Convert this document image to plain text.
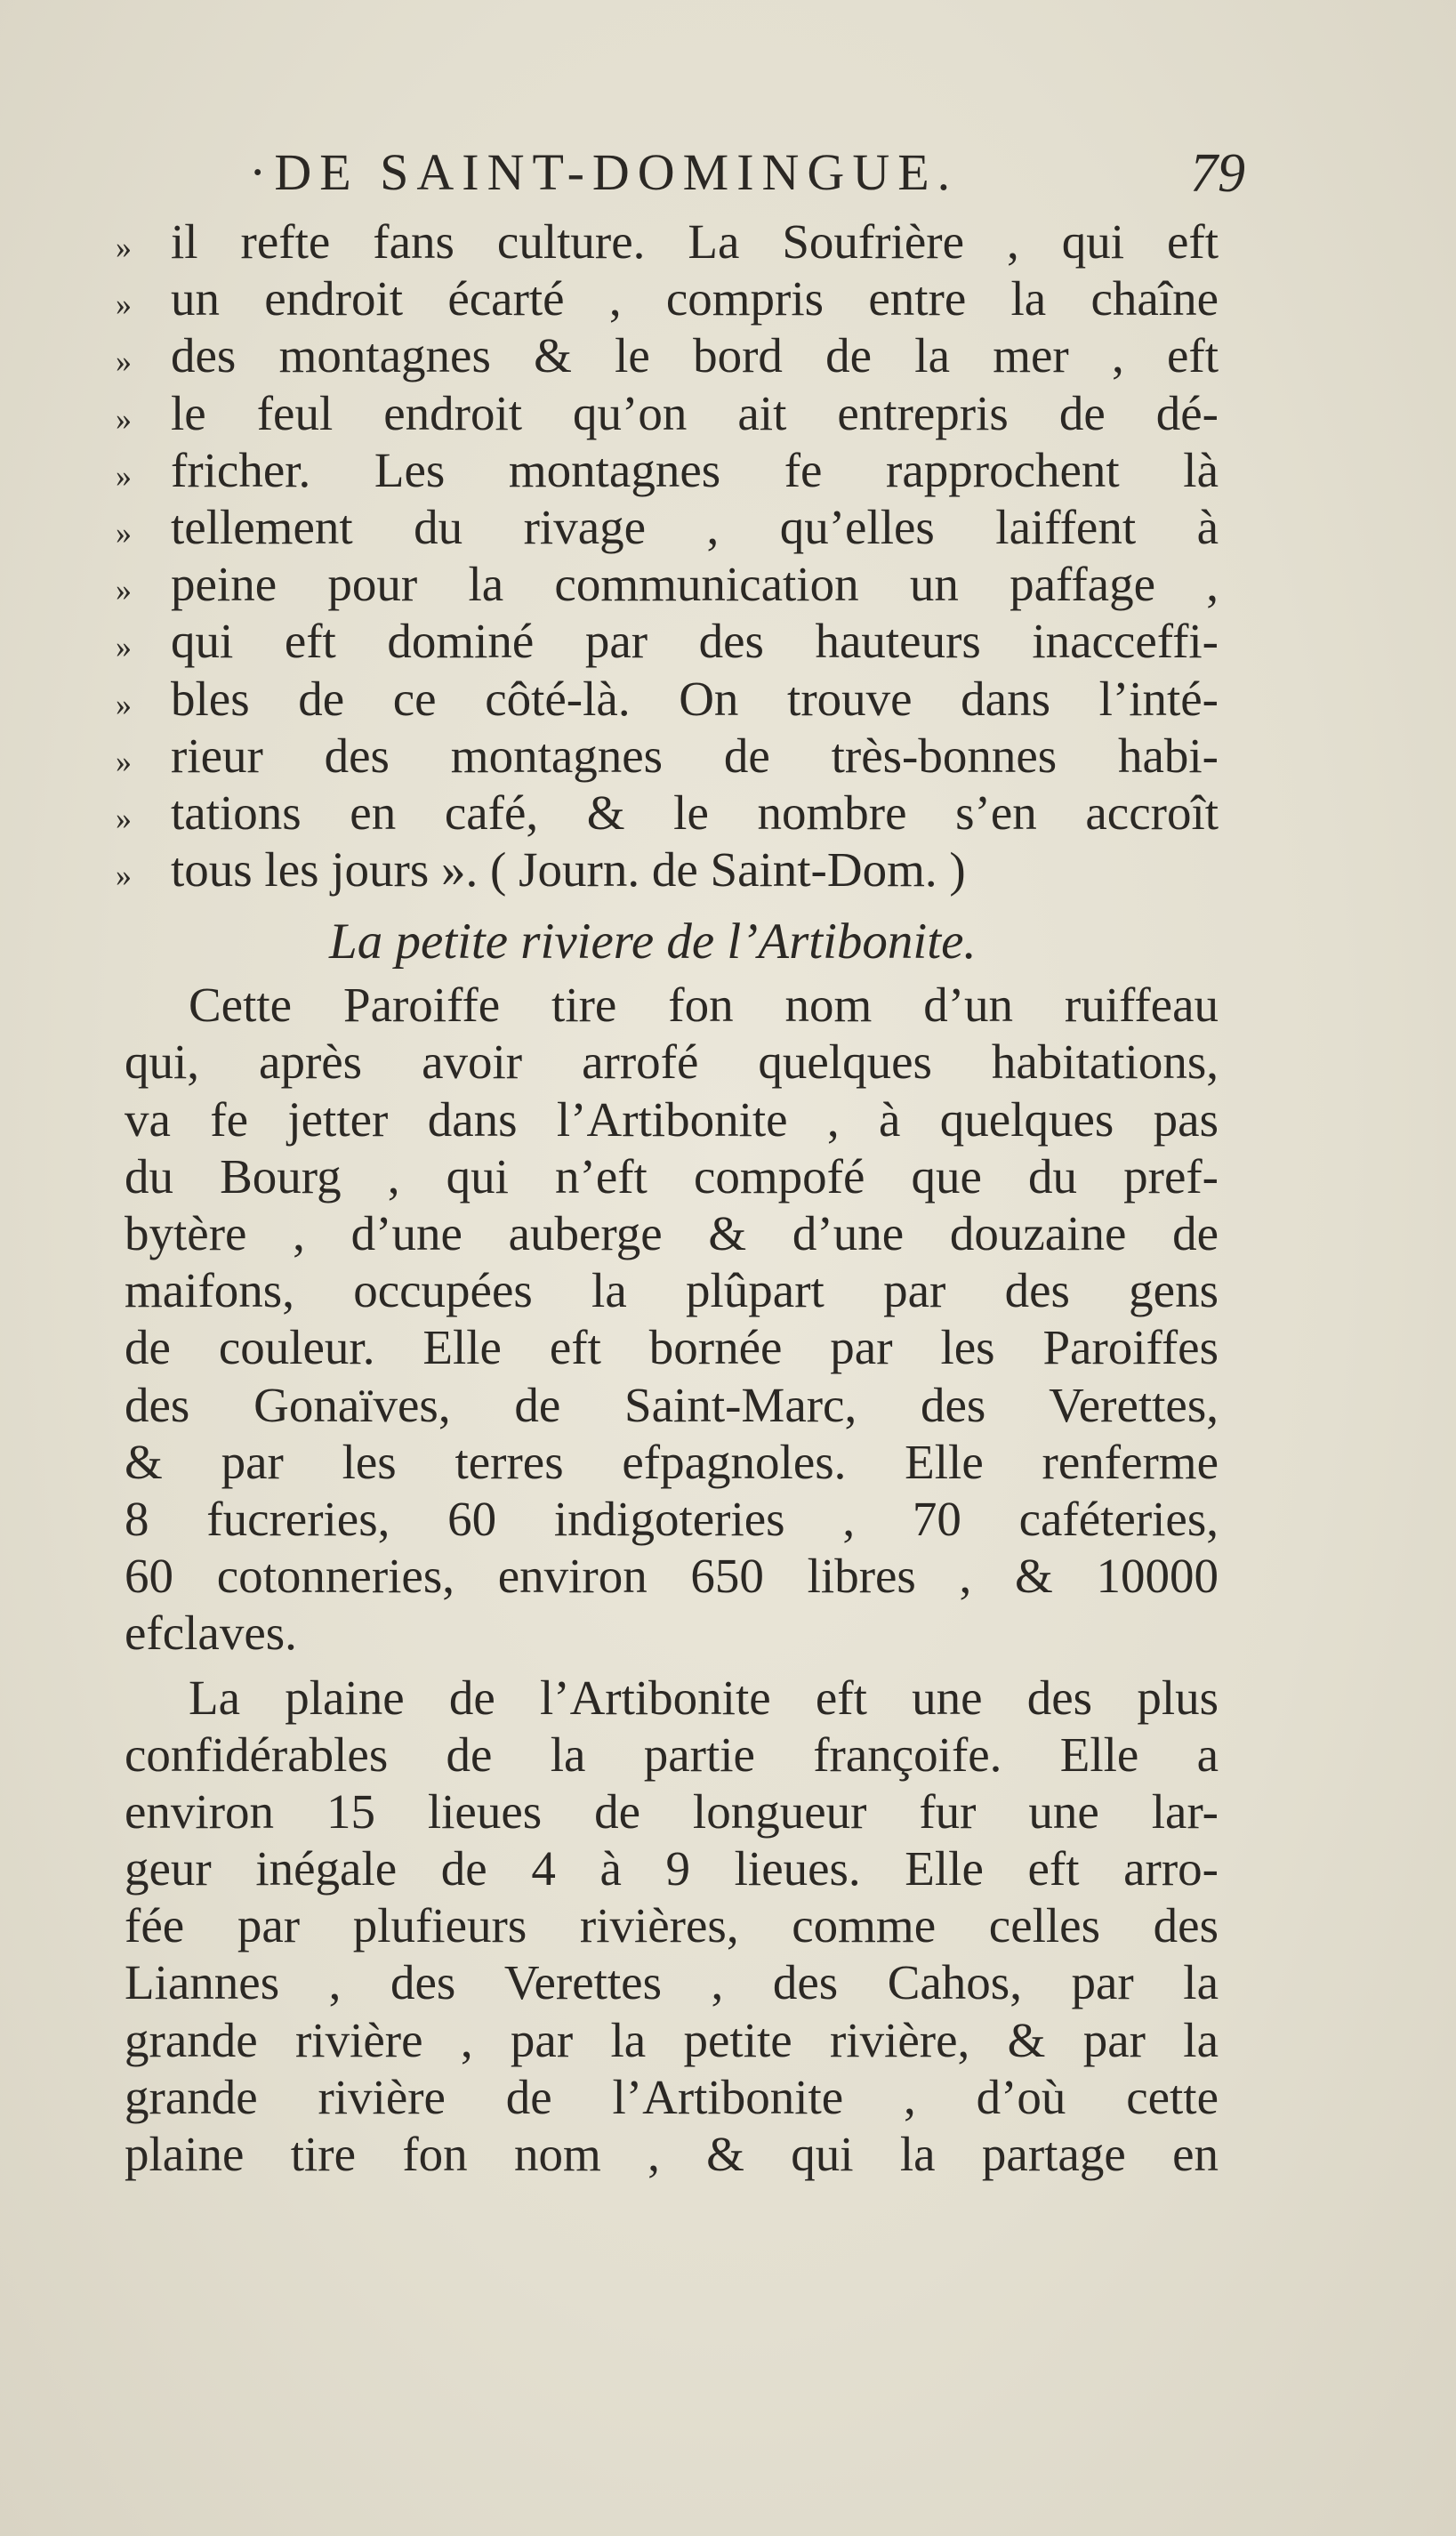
·DE SAINT-DOMINGUE.	79
» il refte fans culture. La Soufrière , qui eft
» un endroit écarté , compris entre la chaîne
» des montagnes & le bord de la mer , eft
» le feul endroit qu’on ait entrepris de dé-
» fricher. Les montagnes fe rapprochent là
» tellement du rivage , qu’elles laiffent à
» peine pour la communication un paffage ,
» qui eft dominé par des hauteurs inacceffi-
» bles de ce côté-là. On trouve dans l’inté-
» rieur des montagnes de très-bonnes habi-
» tations en café, & le nombre s’en accroît
» tous les jours ». ( Journ. de Saint-Dom. )
La petite riviere de l’Artibonite.
Cette Paroiffe tire fon nom d’un ruiffeau
qui, après avoir arrofé quelques habitations,
va fe jetter dans l’Artibonite , à quelques pas
du Bourg , qui n’eft compofé que du pref-
bytère , d’une auberge & d’une douzaine de
maifons, occupées la plûpart par des gens
de couleur. Elle eft bornée par les Paroiffes
des Gonaïves, de Saint-Marc, des Verettes,
& par les terres efpagnoles. Elle renferme
8 fucreries, 60 indigoteries , 70 caféteries,
60 cotonneries, environ 650 libres , & 10000
efclaves.
La plaine de l’Artibonite eft une des plus
confidérables de la partie françoife. Elle a
environ 15 lieues de longueur fur une lar-
geur inégale de 4 à 9 lieues. Elle eft arro-
fée par plufieurs rivières, comme celles des
Liannes , des Verettes , des Cahos, par la
grande rivière , par la petite rivière, & par la
grande rivière de l’Artibonite , d’où cette
plaine tire fon nom , & qui la partage en
